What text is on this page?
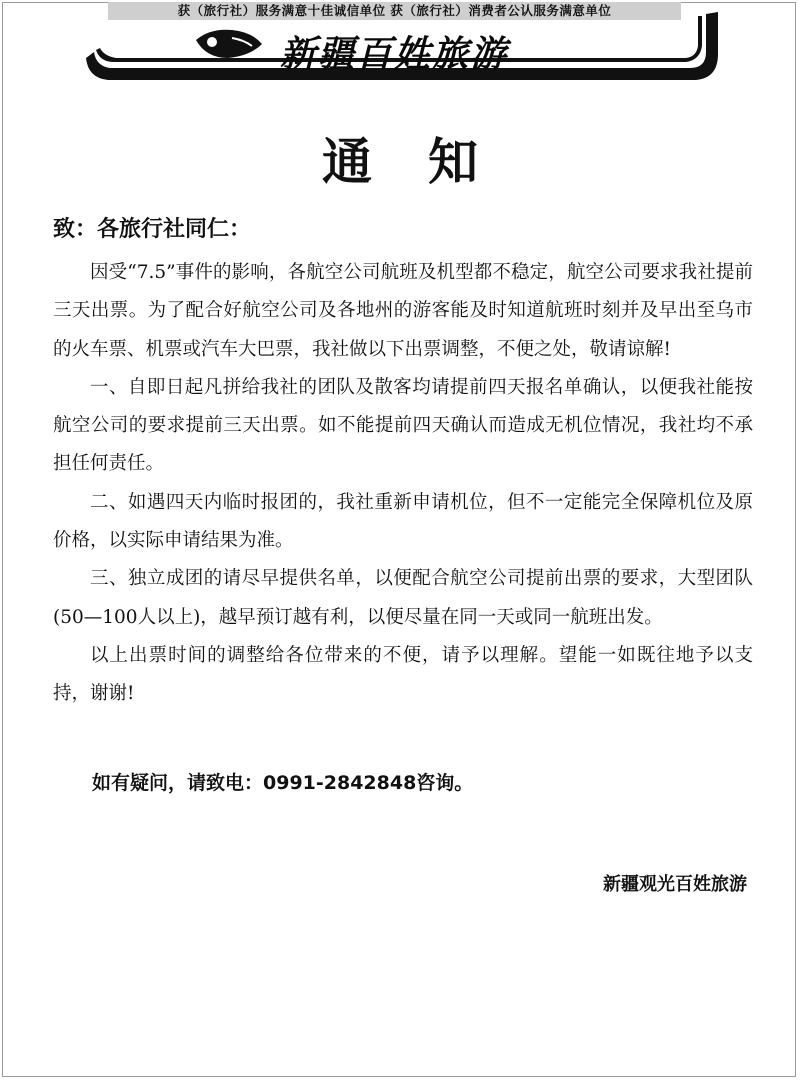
获（旅行社）服务满意十佳诚信单位 获（旅行社）消费者公认服务满意单位
新疆百姓旅游
通知
致：各旅行社同仁：

因受“7.5”事件的影响，各航空公司航班及机型都不稳定，航空公司要求我社提前三天出票。为了配合好航空公司及各地州的游客能及时知道航班时刻并及早出至乌市的火车票、机票或汽车大巴票，我社做以下出票调整，不便之处，敬请谅解!

一、自即日起凡拼给我社的团队及散客均请提前四天报名单确认，以便我社能按航空公司的要求提前三天出票。如不能提前四天确认而造成无机位情况，我社均不承担任何责任。

二、如遇四天内临时报团的，我社重新申请机位，但不一定能完全保障机位及原价格，以实际申请结果为准。

三、独立成团的请尽早提供名单，以便配合航空公司提前出票的要求，大型团队(50—100人以上)，越早预订越有利，以便尽量在同一天或同一航班出发。

以上出票时间的调整给各位带来的不便，请予以理解。望能一如既往地予以支持，谢谢!

如有疑问，请致电：0991-2842848咨询。
新疆观光百姓旅游
